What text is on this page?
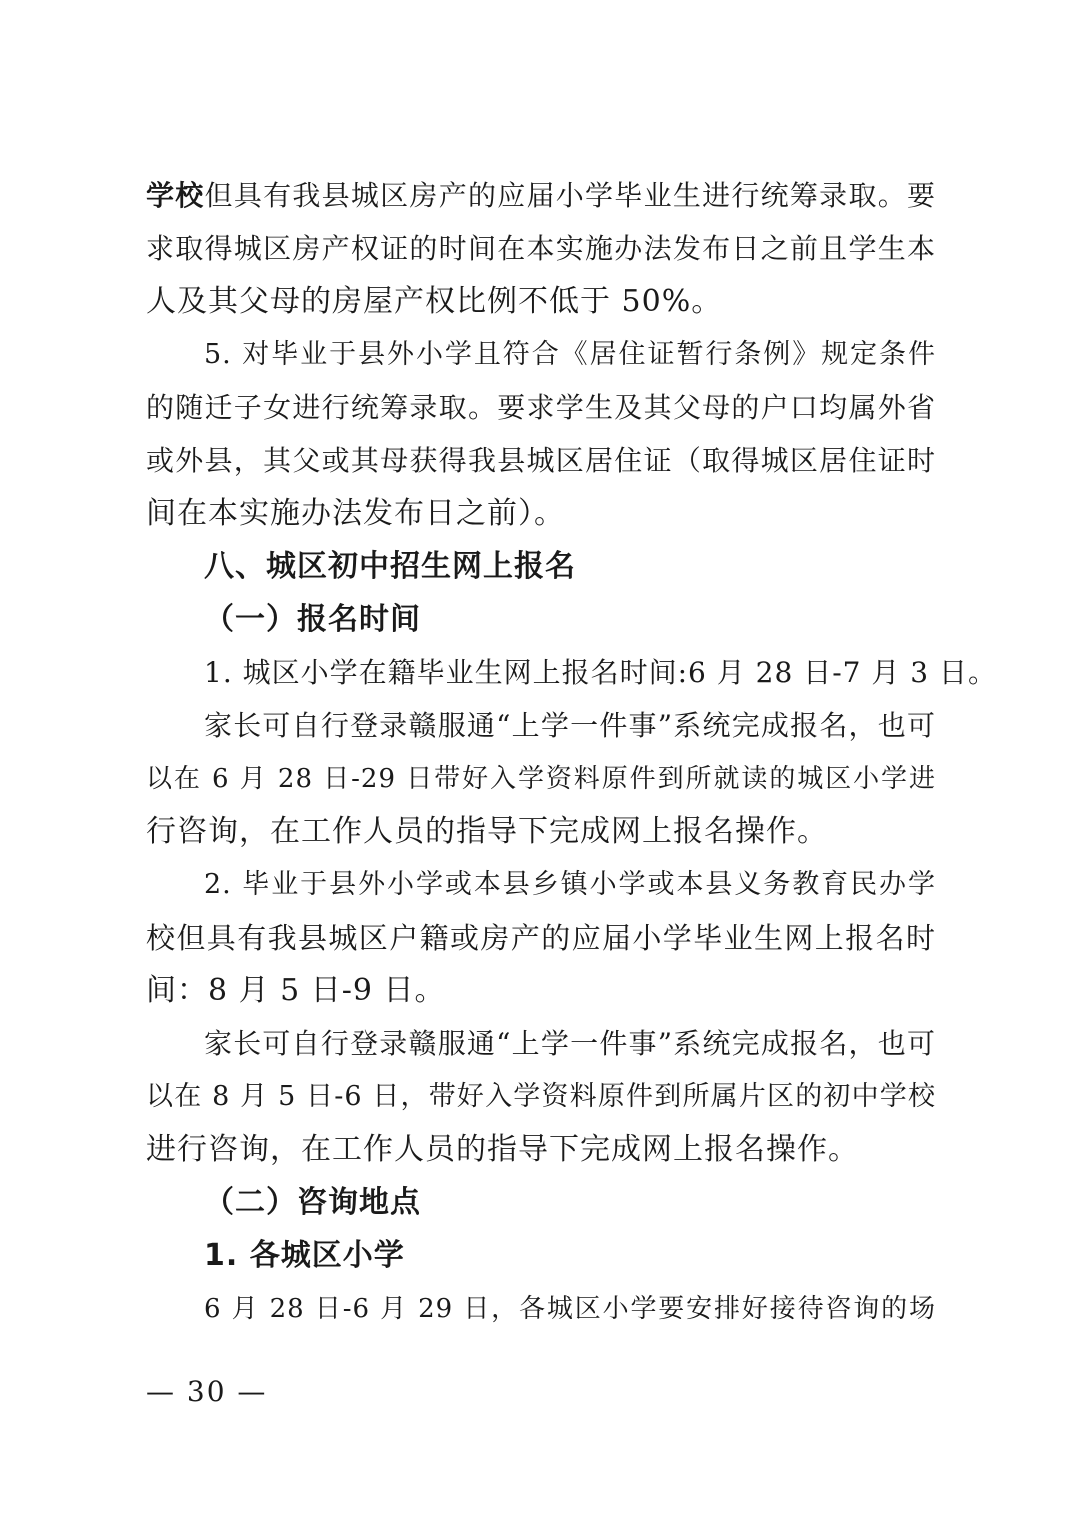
学校但具有我县城区房产的应届小学毕业生进行统筹录取。要
求取得城区房产权证的时间在本实施办法发布日之前且学生本
人及其父母的房屋产权比例不低于 50%。
5. 对毕业于县外小学且符合《居住证暂行条例》规定条件
的随迁子女进行统筹录取。要求学生及其父母的户口均属外省
或外县，其父或其母获得我县城区居住证（取得城区居住证时
间在本实施办法发布日之前）。
八、城区初中招生网上报名
（一）报名时间
1. 城区小学在籍毕业生网上报名时间:6 月 28 日-7 月 3 日。
家长可自行登录赣服通“上学一件事”系统完成报名，也可
以在 6 月 28 日-29 日带好入学资料原件到所就读的城区小学进
行咨询，在工作人员的指导下完成网上报名操作。
2. 毕业于县外小学或本县乡镇小学或本县义务教育民办学
校但具有我县城区户籍或房产的应届小学毕业生网上报名时
间：8 月 5 日-9 日。
家长可自行登录赣服通“上学一件事”系统完成报名，也可
以在 8 月 5 日-6 日，带好入学资料原件到所属片区的初中学校
进行咨询，在工作人员的指导下完成网上报名操作。
（二）咨询地点
1. 各城区小学
6 月 28 日-6 月 29 日，各城区小学要安排好接待咨询的场
— 30 —
